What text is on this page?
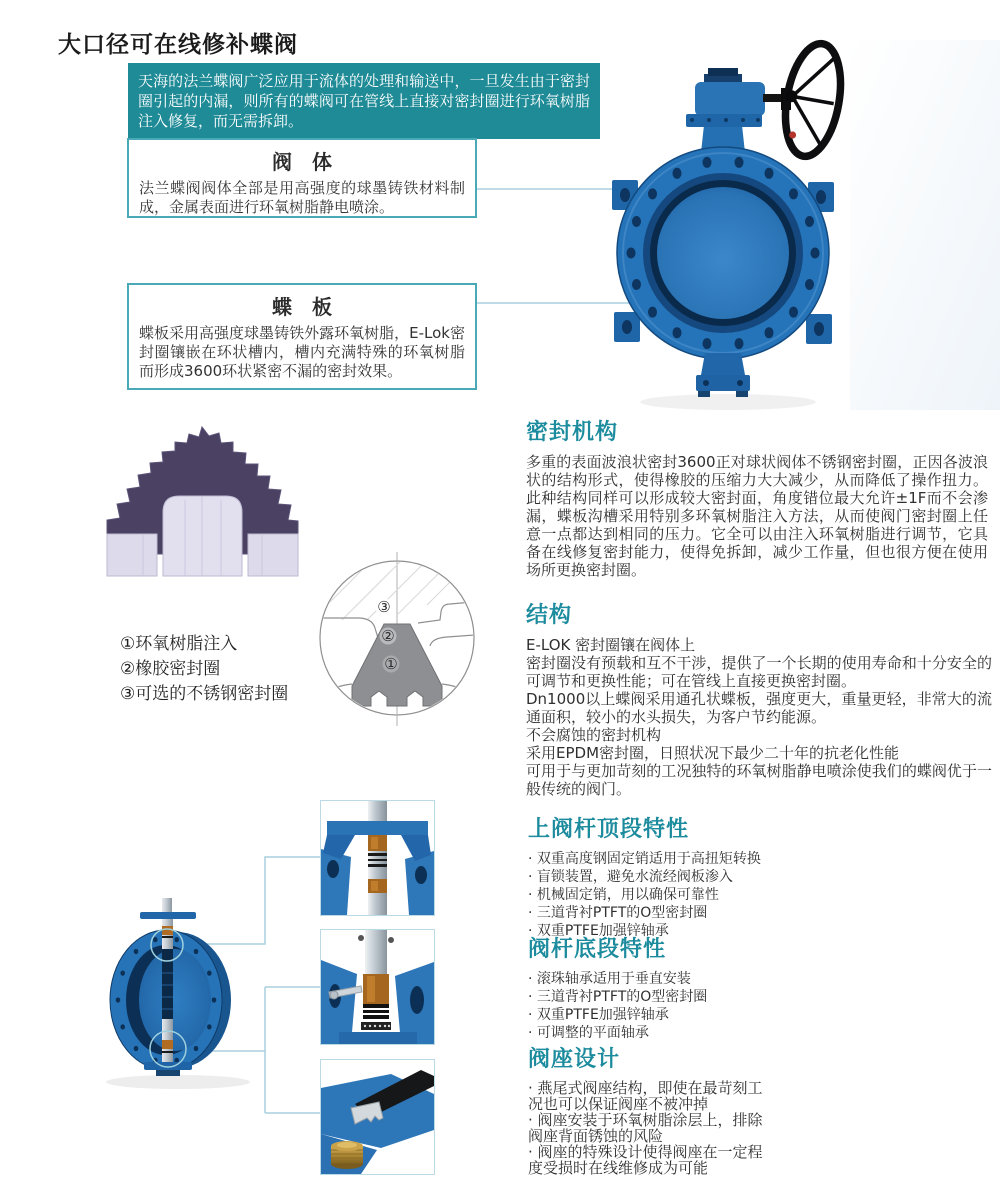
大口径可在线修补蝶阀
天海的法兰蝶阀广泛应用于流体的处理和输送中，一旦发生由于密封圈引起的内漏，则所有的蝶阀可在管线上直接对密封圈进行环氧树脂注入修复，而无需拆卸。
阀　体
法兰蝶阀阀体全部是用高强度的球墨铸铁材料制成，金属表面进行环氧树脂静电喷涂。
蝶　板
蝶板采用高强度球墨铸铁外露环氧树脂，E-Lok密封圈镶嵌在环状槽内，槽内充满特殊的环氧树脂而形成3600环状紧密不漏的密封效果。
③
②
①
①环氧树脂注入
②橡胶密封圈
③可选的不锈钢密封圈
密封机构
多重的表面波浪状密封3600正对球状阀体不锈钢密封圈，正因各波浪状的结构形式，使得橡胶的压缩力大大减少，从而降低了操作扭力。此种结构同样可以形成较大密封面，角度错位最大允许±1F而不会渗漏，蝶板沟槽采用特别多环氧树脂注入方法，从而使阀门密封圈上任意一点都达到相同的压力。它全可以由注入环氧树脂进行调节，它具备在线修复密封能力，使得免拆卸，减少工作量，但也很方便在使用场所更换密封圈。
结构
E-LOK 密封圈镶在阀体上
密封圈没有预载和互不干涉，提供了一个长期的使用寿命和十分安全的可调节和更换性能；可在管线上直接更换密封圈。
Dn1000以上蝶阀采用通孔状蝶板，强度更大，重量更轻，非常大的流通面积，较小的水头损失，为客户节约能源。
不会腐蚀的密封机构
采用EPDM密封圈，日照状况下最少二十年的抗老化性能
可用于与更加苛刻的工况独特的环氧树脂静电喷涂使我们的蝶阀优于一般传统的阀门。
上阀杆顶段特性
· 双重高度钢固定销适用于高扭矩转换
· 盲锁装置，避免水流经阀板渗入
· 机械固定销，用以确保可靠性
· 三道背衬PTFT的O型密封圈
· 双重PTFE加强锌轴承
阀杆底段特性
· 滚珠轴承适用于垂直安装
· 三道背衬PTFT的O型密封圈
· 双重PTFE加强锌轴承
· 可调整的平面轴承
阀座设计
· 燕尾式阀座结构，即使在最苛刻工况也可以保证阀座不被冲掉
· 阀座安装于环氧树脂涂层上，排除阀座背面锈蚀的风险
· 阀座的特殊设计使得阀座在一定程度受损时在线维修成为可能
